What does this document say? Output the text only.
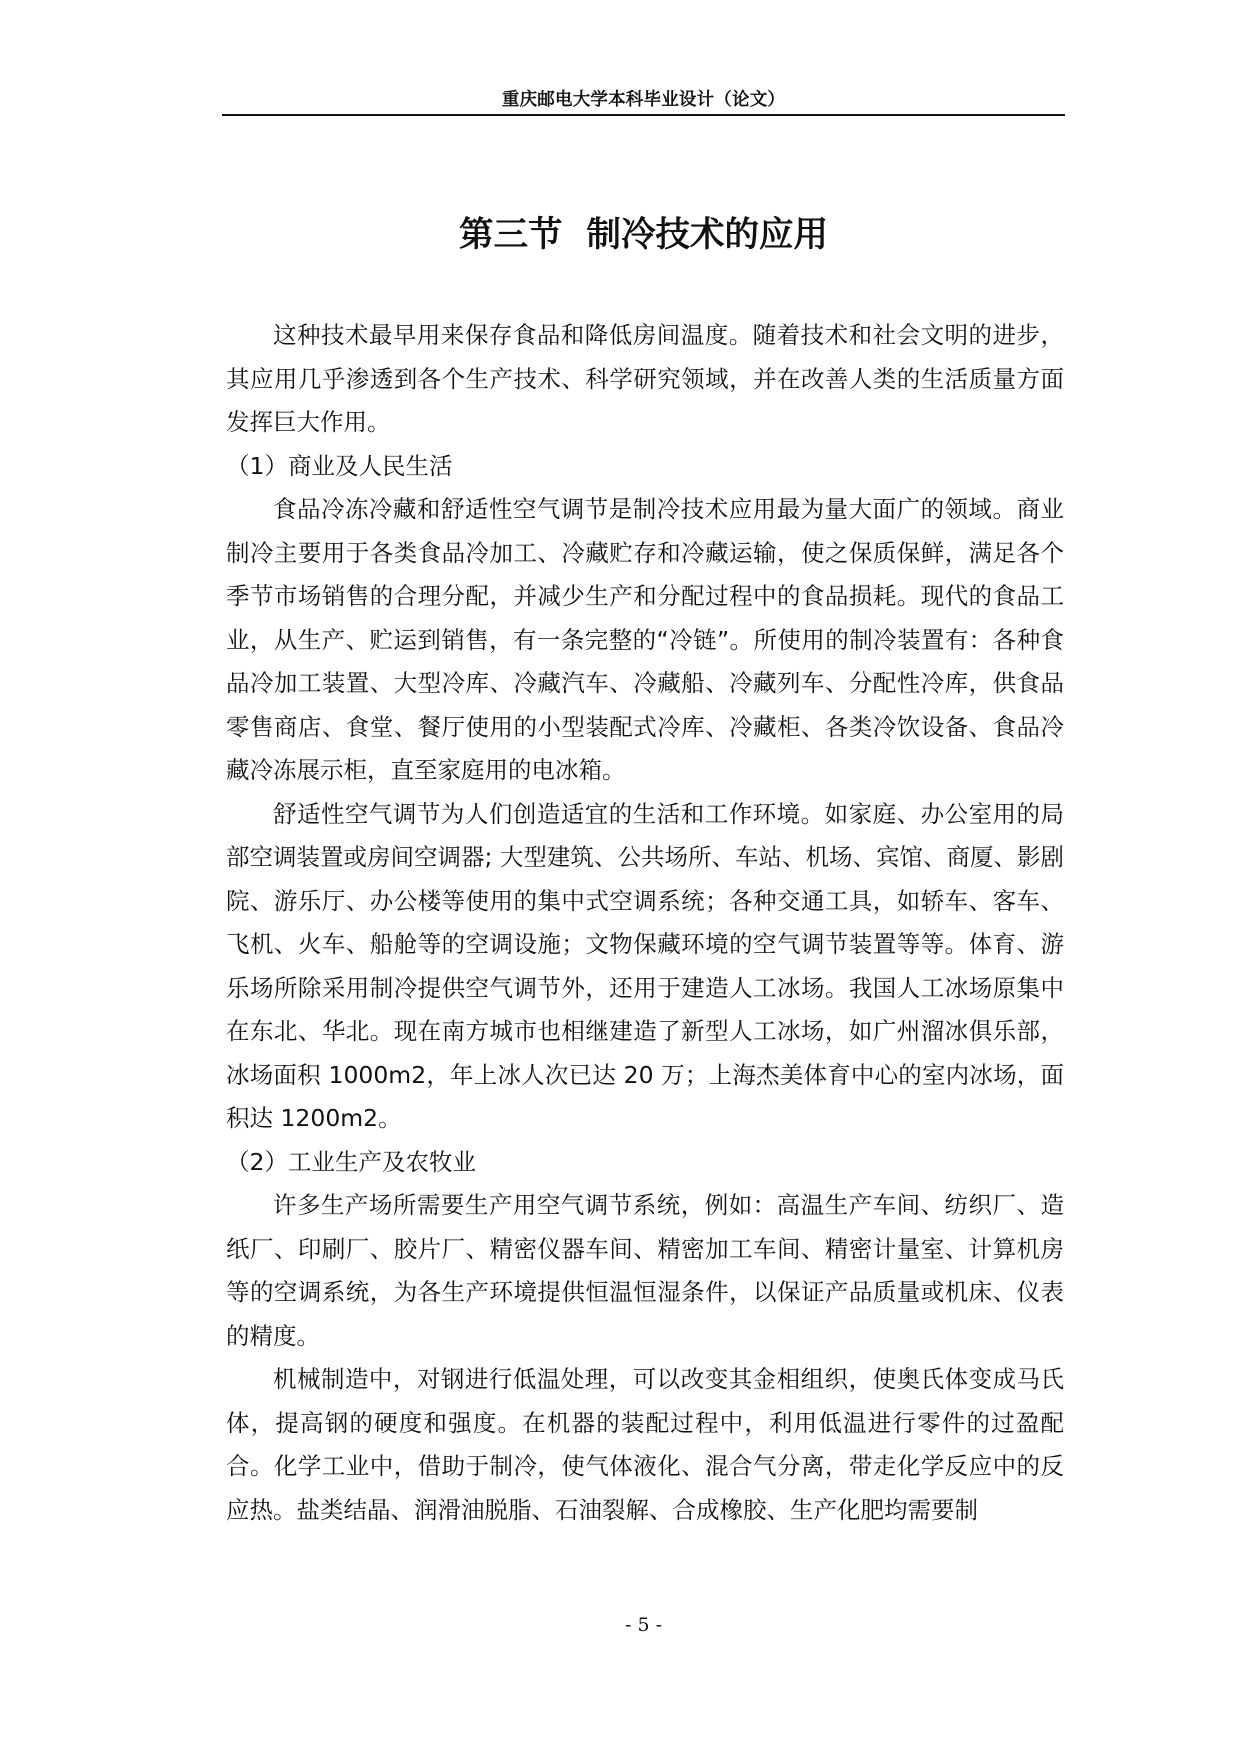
重庆邮电大学本科毕业设计（论文）
第三节  制冷技术的应用

这种技术最早用来保存食品和降低房间温度。随着技术和社会文明的进步，其应用几乎渗透到各个生产技术、科学研究领域，并在改善人类的生活质量方面发挥巨大作用。

（1）商业及人民生活

食品冷冻冷藏和舒适性空气调节是制冷技术应用最为量大面广的领域。商业制冷主要用于各类食品冷加工、冷藏贮存和冷藏运输，使之保质保鲜，满足各个季节市场销售的合理分配，并减少生产和分配过程中的食品损耗。现代的食品工业，从生产、贮运到销售，有一条完整的“冷链”。所使用的制冷装置有：各种食品冷加工装置、大型冷库、冷藏汽车、冷藏船、冷藏列车、分配性冷库，供食品零售商店、食堂、餐厅使用的小型装配式冷库、冷藏柜、各类冷饮设备、食品冷藏冷冻展示柜，直至家庭用的电冰箱。

舒适性空气调节为人们创造适宜的生活和工作环境。如家庭、办公室用的局部空调装置或房间空调器; 大型建筑、公共场所、车站、机场、宾馆、商厦、影剧院、游乐厅、办公楼等使用的集中式空调系统；各种交通工具，如轿车、客车、飞机、火车、船舱等的空调设施；文物保藏环境的空气调节装置等等。体育、游乐场所除采用制冷提供空气调节外，还用于建造人工冰场。我国人工冰场原集中在东北、华北。现在南方城市也相继建造了新型人工冰场，如广州溜冰俱乐部，冰场面积 1000m2，年上冰人次已达 20 万；上海杰美体育中心的室内冰场，面积达 1200m2。

（2）工业生产及农牧业

许多生产场所需要生产用空气调节系统，例如：高温生产车间、纺织厂、造纸厂、印刷厂、胶片厂、精密仪器车间、精密加工车间、精密计量室、计算机房等的空调系统，为各生产环境提供恒温恒湿条件，以保证产品质量或机床、仪表的精度。

机械制造中，对钢进行低温处理，可以改变其金相组织，使奥氏体变成马氏体，提高钢的硬度和强度。在机器的装配过程中，利用低温进行零件的过盈配合。化学工业中，借助于制冷，使气体液化、混合气分离，带走化学反应中的反应热。盐类结晶、润滑油脱脂、石油裂解、合成橡胶、生产化肥均需要制

- 5 -
